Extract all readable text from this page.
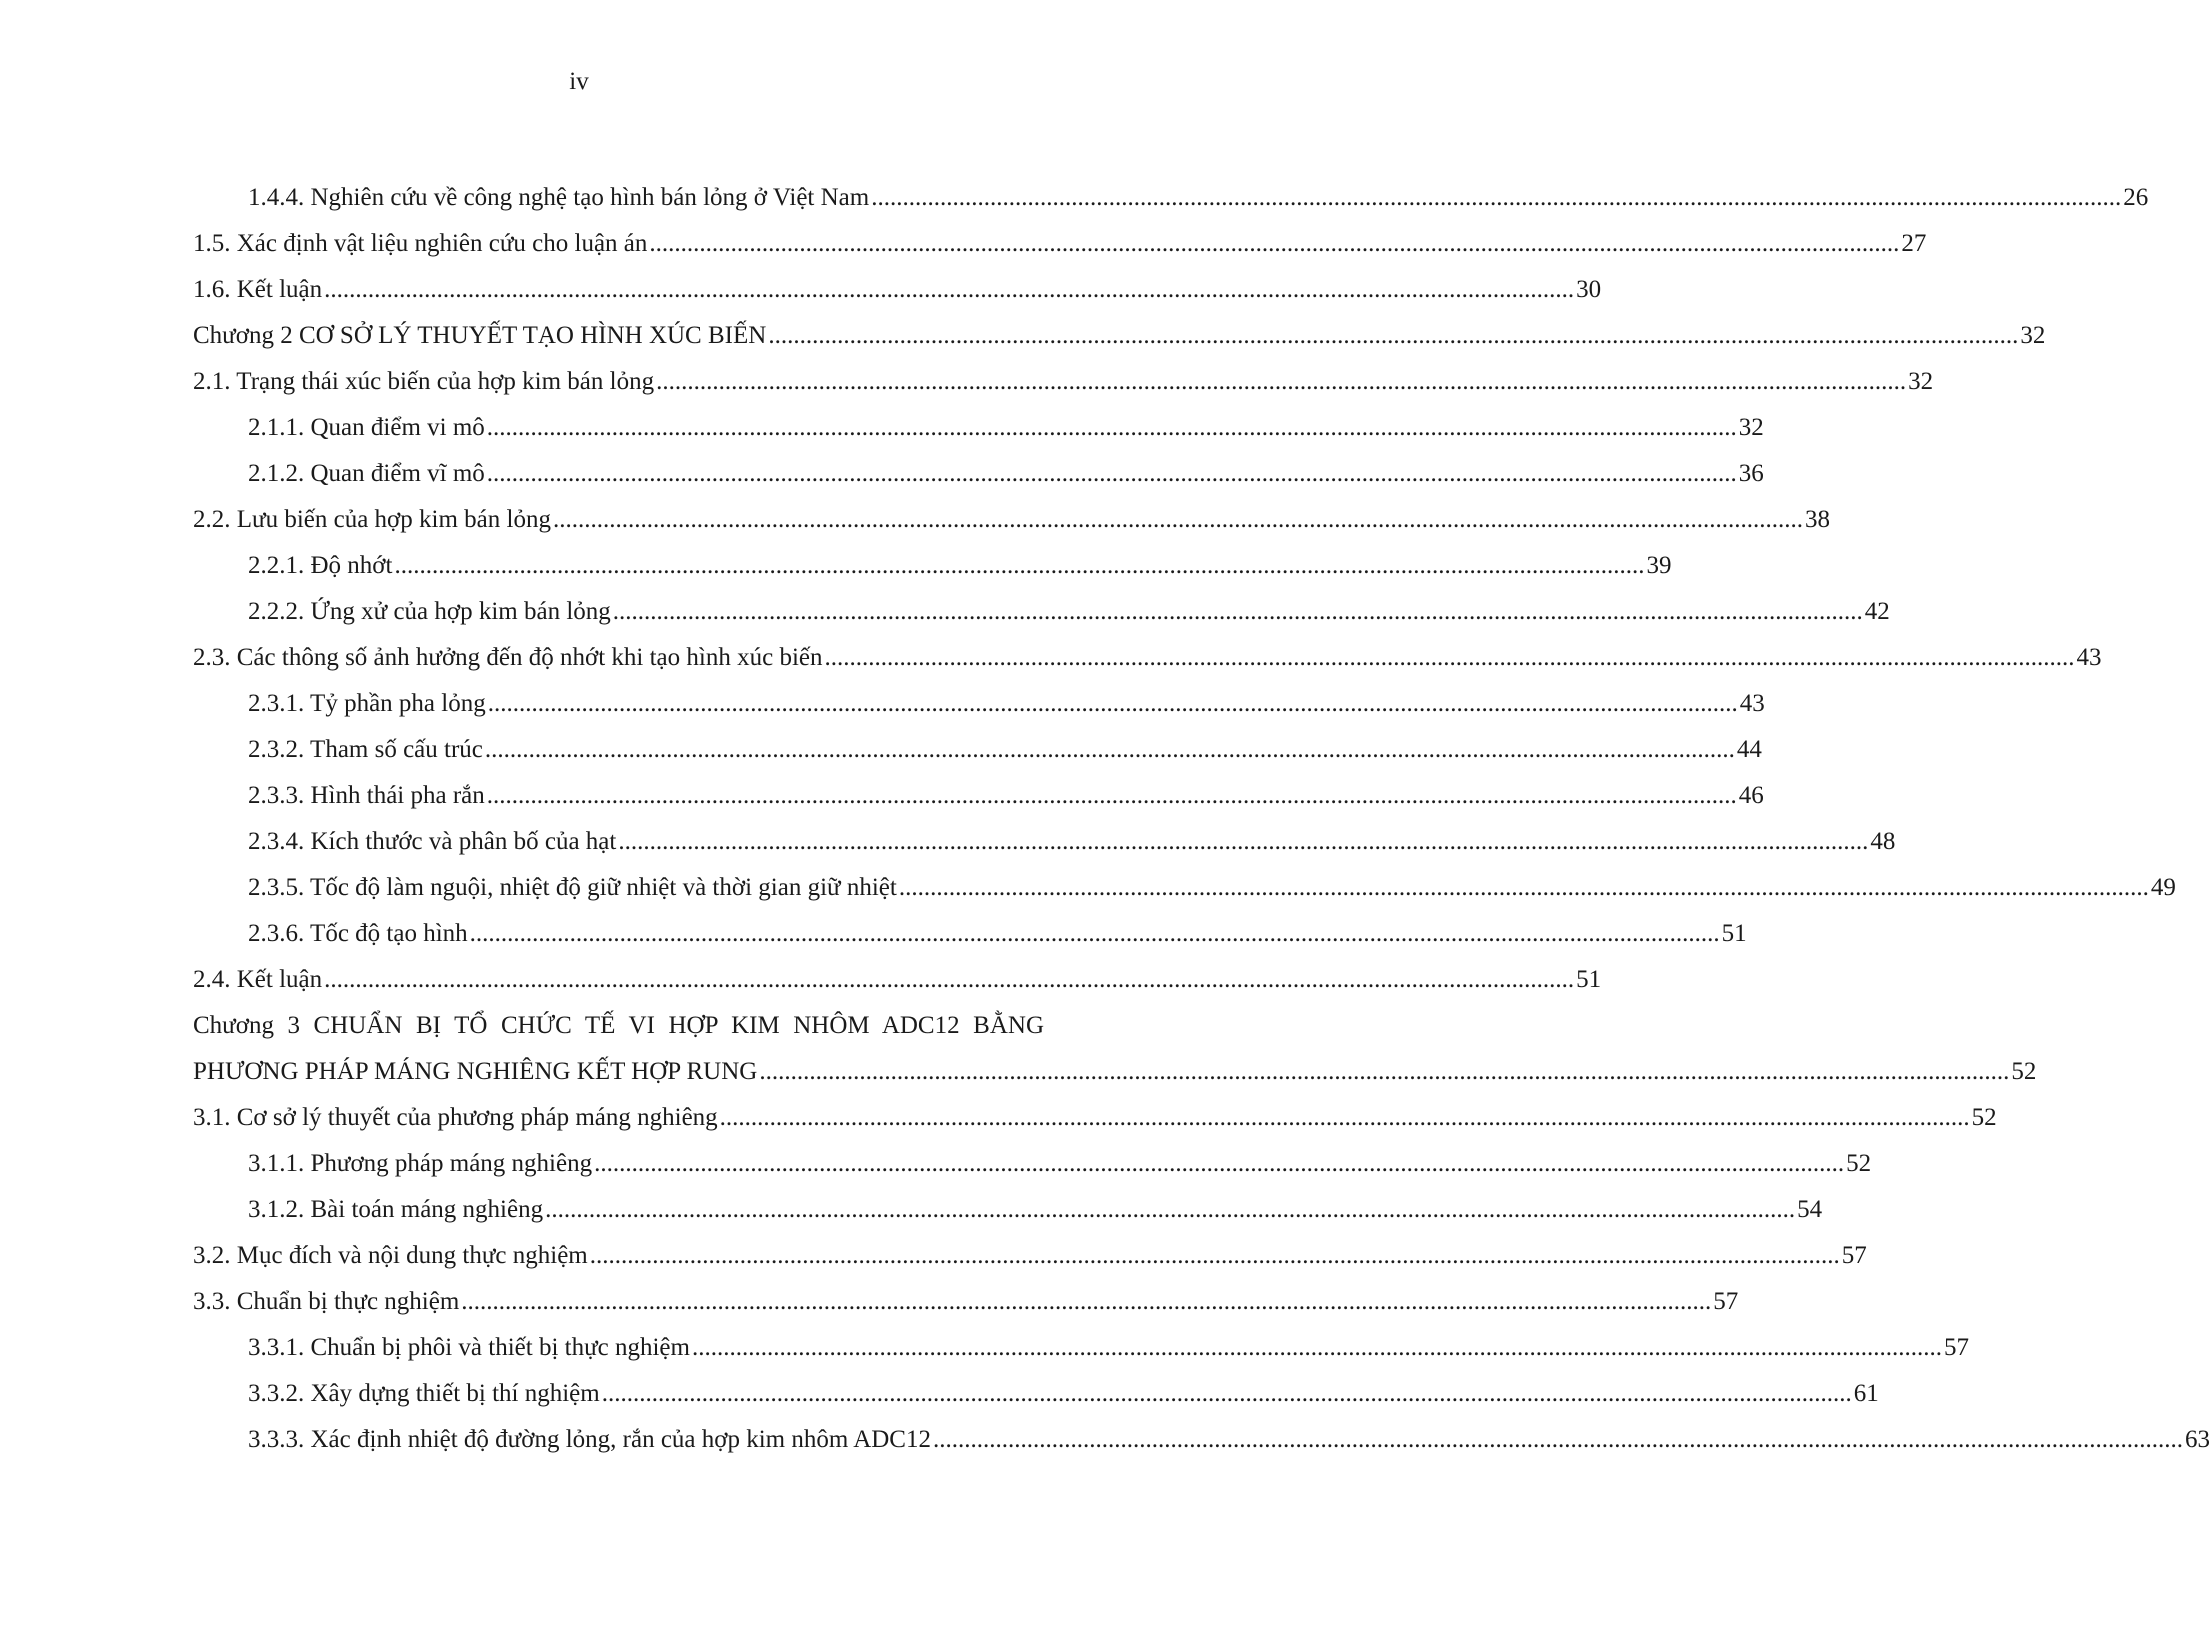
iv
1.4.4. Nghiên cứu về công nghệ tạo hình bán lỏng ở Việt Nam ........................................................................................................................................................................................................ 26
1.5. Xác định vật liệu nghiên cứu cho luận án ........................................................................................................................................................................................................ 27
1.6. Kết luận ........................................................................................................................................................................................................ 30
Chương 2 CƠ SỞ LÝ THUYẾT TẠO HÌNH XÚC BIẾN ........................................................................................................................................................................................................ 32
2.1. Trạng thái xúc biến của hợp kim bán lỏng ........................................................................................................................................................................................................ 32
2.1.1. Quan điểm vi mô ........................................................................................................................................................................................................ 32
2.1.2. Quan điểm vĩ mô ........................................................................................................................................................................................................ 36
2.2. Lưu biến của hợp kim bán lỏng ........................................................................................................................................................................................................ 38
2.2.1. Độ nhớt ........................................................................................................................................................................................................ 39
2.2.2. Ứng xử của hợp kim bán lỏng ........................................................................................................................................................................................................ 42
2.3. Các thông số ảnh hưởng đến độ nhớt khi tạo hình xúc biến ........................................................................................................................................................................................................ 43
2.3.1. Tỷ phần pha lỏng ........................................................................................................................................................................................................ 43
2.3.2. Tham số cấu trúc ........................................................................................................................................................................................................ 44
2.3.3. Hình thái pha rắn ........................................................................................................................................................................................................ 46
2.3.4. Kích thước và phân bố của hạt ........................................................................................................................................................................................................ 48
2.3.5. Tốc độ làm nguội, nhiệt độ giữ nhiệt và thời gian giữ nhiệt ........................................................................................................................................................................................................ 49
2.3.6. Tốc độ tạo hình ........................................................................................................................................................................................................ 51
2.4. Kết luận ........................................................................................................................................................................................................ 51
Chương 3 CHUẨN BỊ TỔ CHỨC TẾ VI HỢP KIM NHÔM ADC12 BẰNG
PHƯƠNG PHÁP MÁNG NGHIÊNG KẾT HỢP RUNG ........................................................................................................................................................................................................ 52
3.1. Cơ sở lý thuyết của phương pháp máng nghiêng ........................................................................................................................................................................................................ 52
3.1.1. Phương pháp máng nghiêng ........................................................................................................................................................................................................ 52
3.1.2. Bài toán máng nghiêng ........................................................................................................................................................................................................ 54
3.2. Mục đích và nội dung thực nghiệm ........................................................................................................................................................................................................ 57
3.3. Chuẩn bị thực nghiệm ........................................................................................................................................................................................................ 57
3.3.1. Chuẩn bị phôi và thiết bị thực nghiệm ........................................................................................................................................................................................................ 57
3.3.2. Xây dựng thiết bị thí nghiệm ........................................................................................................................................................................................................ 61
3.3.3. Xác định nhiệt độ đường lỏng, rắn của hợp kim nhôm ADC12 ........................................................................................................................................................................................................ 63
